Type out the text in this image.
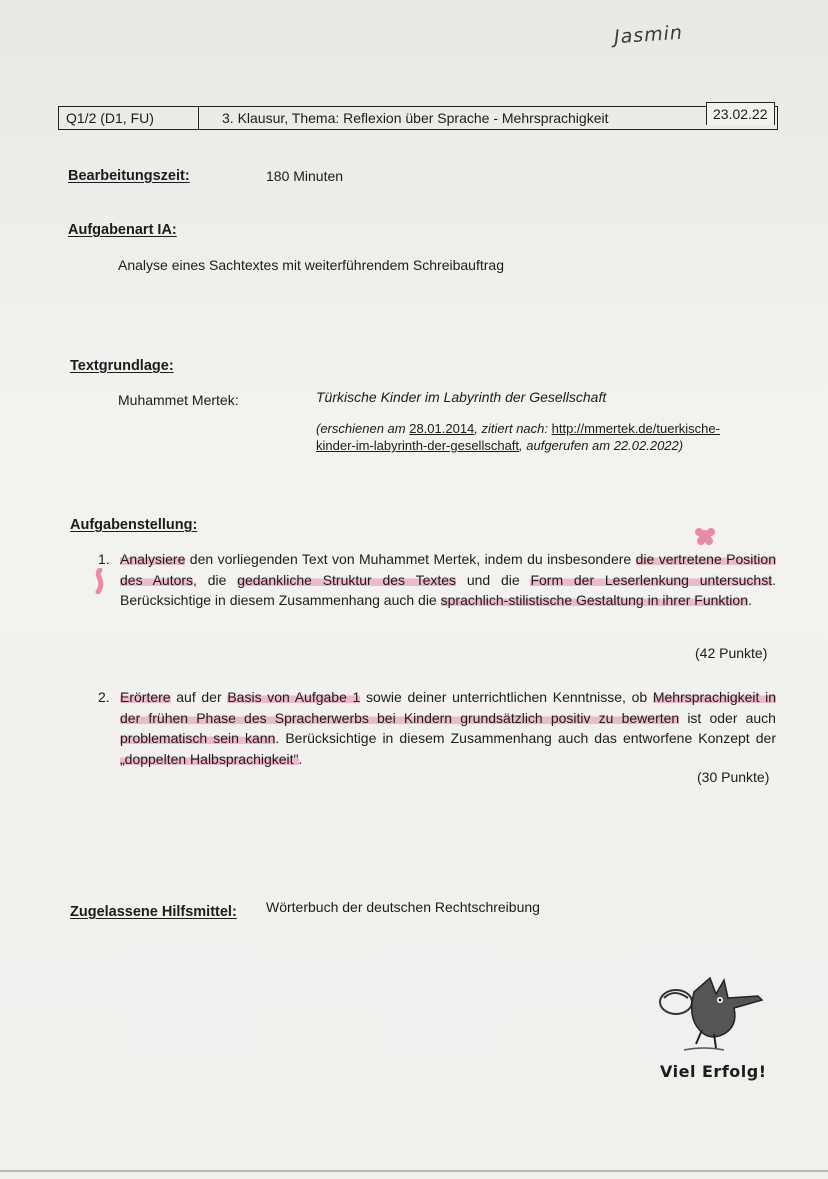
Jasmin
Q1/2 (D1, FU)	3. Klausur, Thema: Reflexion über Sprache - Mehrsprachigkeit	23.02.22
Bearbeitungszeit:	180 Minuten
Aufgabenart IA:
Analyse eines Sachtextes mit weiterführendem Schreibauftrag
Textgrundlage:
Muhammet Mertek:	Türkische Kinder im Labyrinth der Gesellschaft
(erschienen am 28.01.2014, zitiert nach: http://mmertek.de/tuerkische-
kinder-im-labyrinth-der-gesellschaft, aufgerufen am 22.02.2022)
Aufgabenstellung:
1. Analysiere den vorliegenden Text von Muhammet Mertek, indem du insbesondere die vertretene Position des Autors, die gedankliche Struktur des Textes und die Form der Leserlenkung untersuchst. Berücksichtige in diesem Zusammenhang auch die sprachlich-stilistische Gestaltung in ihrer Funktion.
(42 Punkte)
2. Erörtere auf der Basis von Aufgabe 1 sowie deiner unterrichtlichen Kenntnisse, ob Mehrsprachigkeit in der frühen Phase des Spracherwerbs bei Kindern grundsätzlich positiv zu bewerten ist oder auch problematisch sein kann. Berücksichtige in diesem Zusammenhang auch das entworfene Konzept der „doppelten Halbsprachigkeit".
(30 Punkte)
Zugelassene Hilfsmittel: Wörterbuch der deutschen Rechtschreibung
Viel Erfolg!
